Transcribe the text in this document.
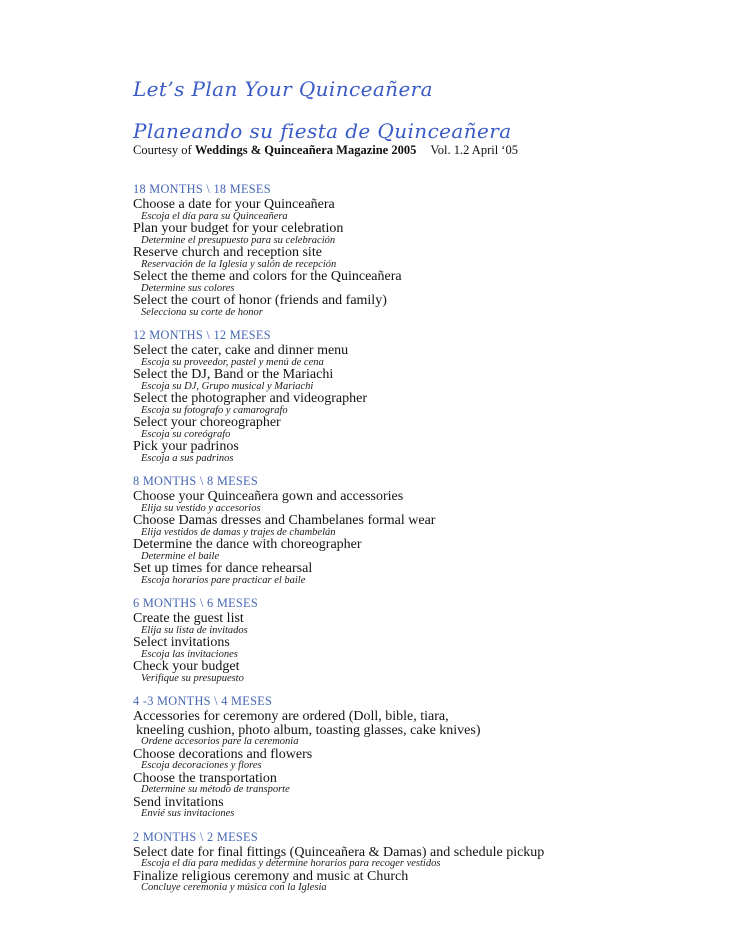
Let’s Plan Your Quinceañera
Planeando su fiesta de Quinceañera
Courtesy of Weddings & Quinceañera Magazine 2005 Vol. 1.2 April ‘05
18 MONTHS \ 18 MESES
Choose a date for your Quinceañera
Escoja el día para su Quinceañera
Plan your budget for your celebration
Determine el presupuesto para su celebración
Reserve church and reception site
Reservación de la Iglesia y salón de recepción
Select the theme and colors for the Quinceañera
Determine sus colores
Select the court of honor (friends and family)
Selecciona su corte de honor
12 MONTHS \ 12 MESES
Select the cater, cake and dinner menu
Escoja su proveedor, pastel y menú de cena
Select the DJ, Band or the Mariachi
Escoja su DJ, Grupo musical y Mariachi
Select the photographer and videographer
Escoja su fotografo y camarografo
Select your choreographer
Escoja su coreógrafo
Pick your padrinos
Escoja a sus padrinos
8 MONTHS \ 8 MESES
Choose your Quinceañera gown and accessories
Elija su vestido y accesorios
Choose Damas dresses and Chambelanes formal wear
Elija vestidos de damas y trajes de chambelán
Determine the dance with choreographer
Determine el baile
Set up times for dance rehearsal
Escoja horarios pare practicar el baile
6 MONTHS \ 6 MESES
Create the guest list
Elija su lista de invitados
Select invitations
Escoja las invitaciones
Check your budget
Verifique su presupuesto
4 -3 MONTHS \ 4 MESES
Accessories for ceremony are ordered (Doll, bible, tiara,
kneeling cushion, photo album, toasting glasses, cake knives)
Ordene accesorios pare la ceremonia
Choose decorations and flowers
Escoja decoraciones y flores
Choose the transportation
Determine su método de transporte
Send invitations
Envié sus invitaciones
2 MONTHS \ 2 MESES
Select date for final fittings (Quinceañera & Damas) and schedule pickup
Escoja el día para medidas y determine horarios para recoger vestidos
Finalize religious ceremony and music at Church
Concluye ceremonia y música con la Iglesia
